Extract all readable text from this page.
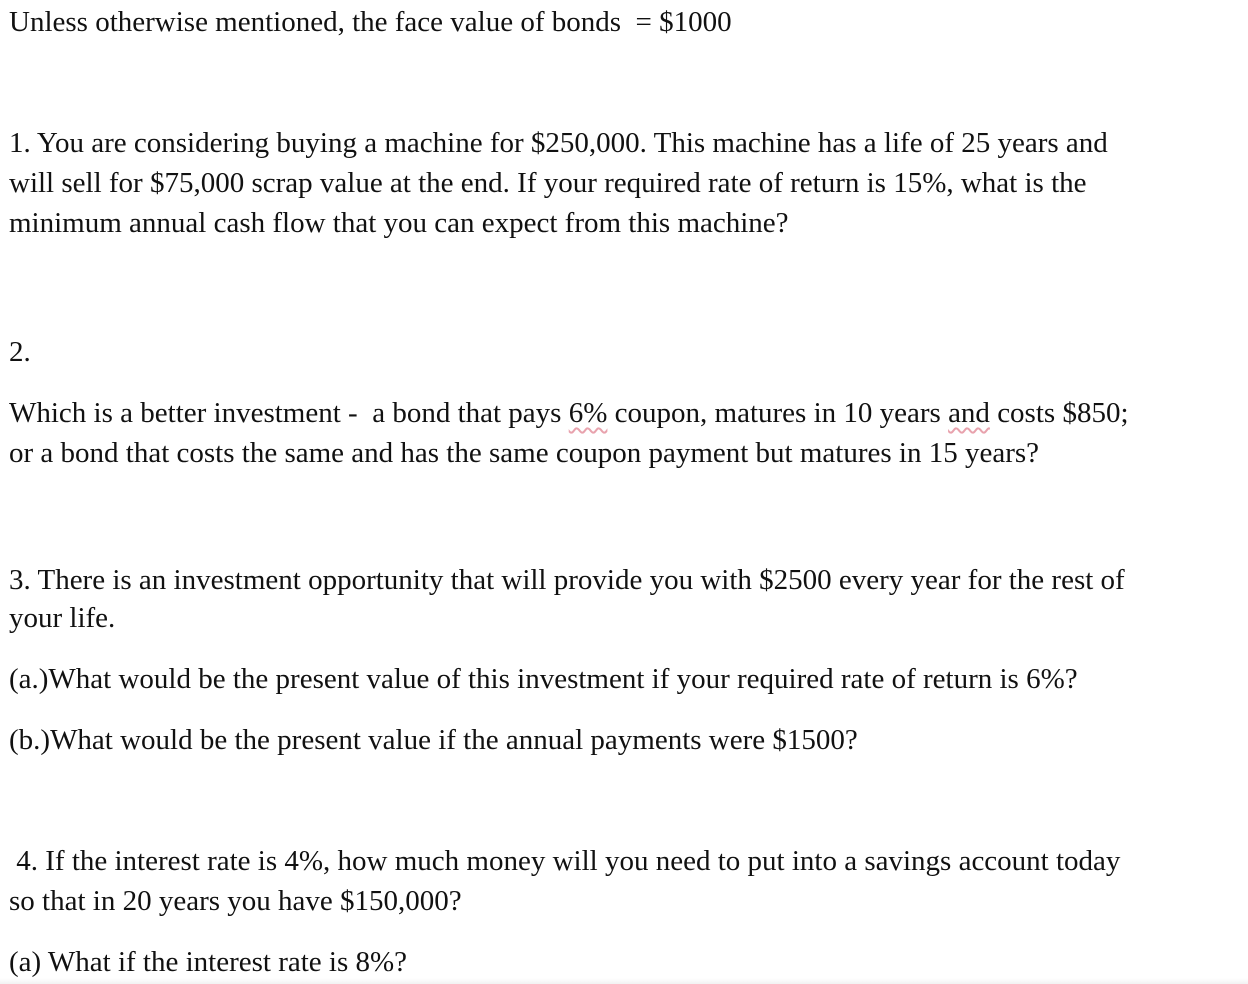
Unless otherwise mentioned, the face value of bonds  = $1000

1. You are considering buying a machine for $250,000. This machine has a life of 25 years and
will sell for $75,000 scrap value at the end. If your required rate of return is 15%, what is the
minimum annual cash flow that you can expect from this machine?

2.

Which is a better investment -  a bond that pays 6% coupon, matures in 10 years and costs $850;
or a bond that costs the same and has the same coupon payment but matures in 15 years?

3. There is an investment opportunity that will provide you with $2500 every year for the rest of
your life.

(a.)What would be the present value of this investment if your required rate of return is 6%?

(b.)What would be the present value if the annual payments were $1500?

4. If the interest rate is 4%, how much money will you need to put into a savings account today
so that in 20 years you have $150,000?

(a) What if the interest rate is 8%?
